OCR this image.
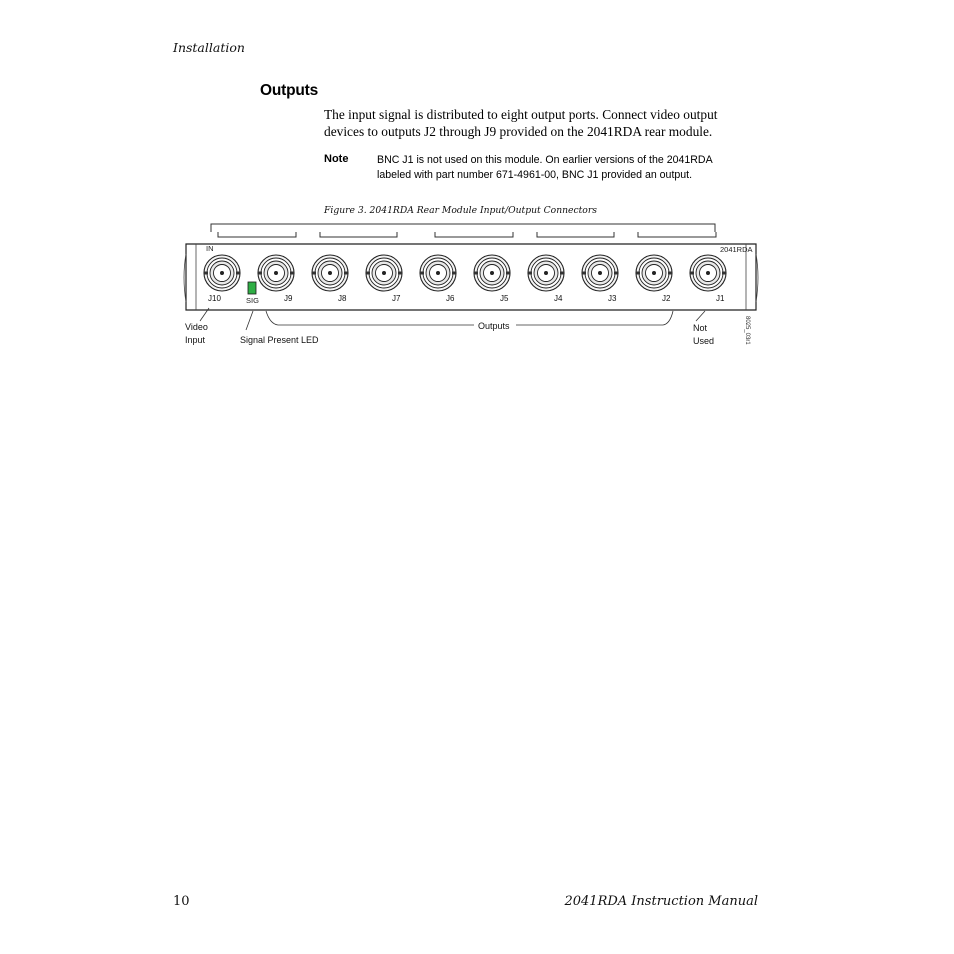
Installation
Outputs
The input signal is distributed to eight output ports. Connect video output
devices to outputs J2 through J9 provided on the 2041RDA rear module.
Note	BNC J1 is not used on this module. On earlier versions of the 2041RDA
labeled with part number 671-4961-00, BNC J1 provided an output.
Figure 3. 2041RDA Rear Module Input/Output Connectors
IN	2041RDA
J10	J9	J8	J7	J6	J5	J4	J3	J2	J1
SIG
Video
Input	Signal Present LED
Outputs	Not
Used	8025_03r1
10	2041RDA Instruction Manual
